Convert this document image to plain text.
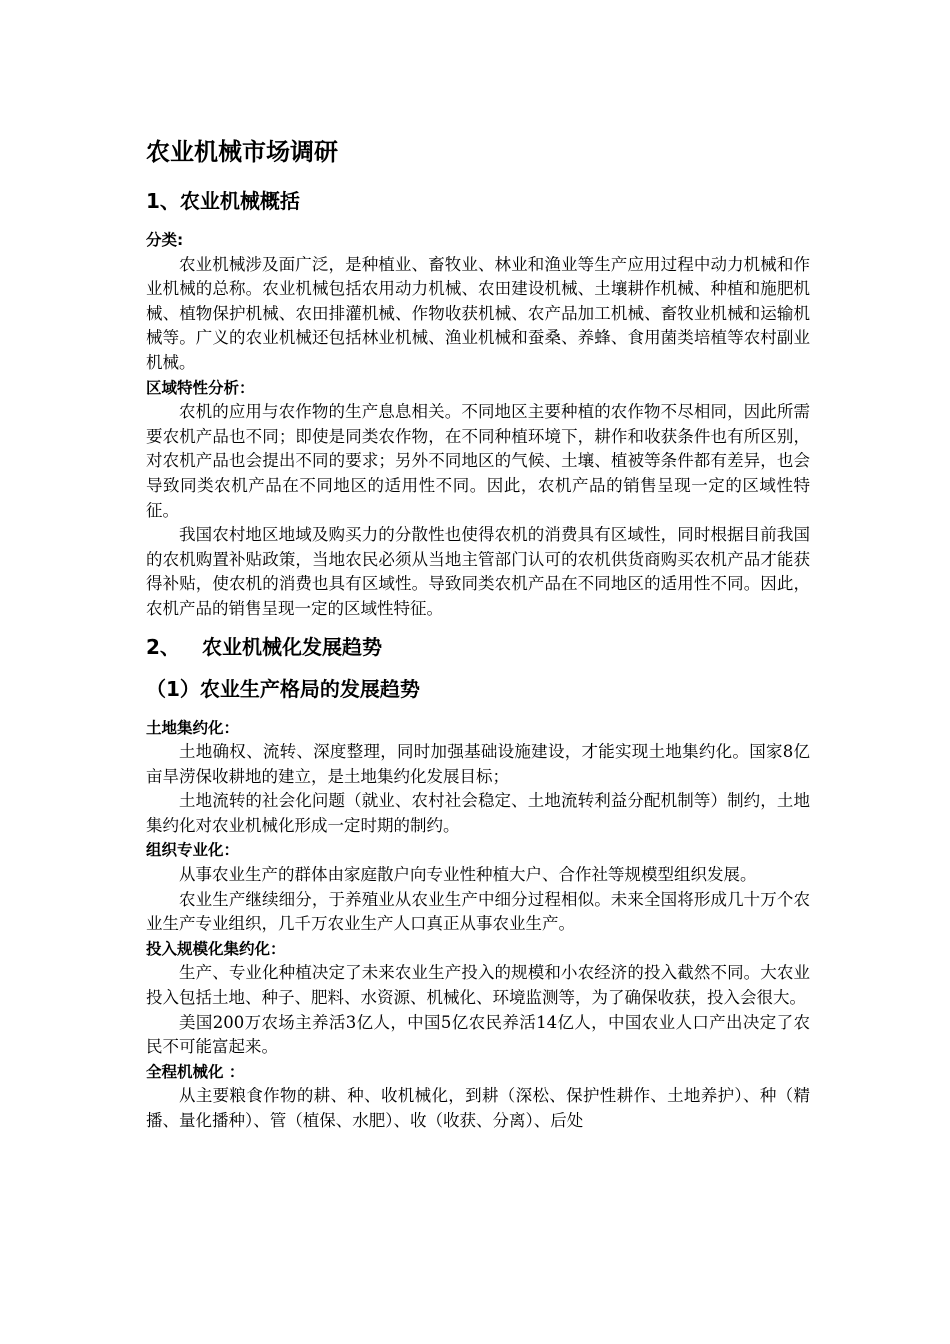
农业机械市场调研
1、农业机械概括
分类:

农业机械涉及面广泛，是种植业、畜牧业、林业和渔业等生产应用过程中动力机械和作业机械的总称。农业机械包括农用动力机械、农田建设机械、土壤耕作机械、种植和施肥机械、植物保护机械、农田排灌机械、作物收获机械、农产品加工机械、畜牧业机械和运输机械等。广义的农业机械还包括林业机械、渔业机械和蚕桑、养蜂、食用菌类培植等农村副业机械。

区域特性分析：

农机的应用与农作物的生产息息相关。不同地区主要种植的农作物不尽相同，因此所需要农机产品也不同；即使是同类农作物，在不同种植环境下，耕作和收获条件也有所区别，对农机产品也会提出不同的要求；另外不同地区的气候、土壤、植被等条件都有差异，也会导致同类农机产品在不同地区的适用性不同。因此，农机产品的销售呈现一定的区域性特征。

我国农村地区地域及购买力的分散性也使得农机的消费具有区域性，同时根据目前我国的农机购置补贴政策，当地农民必须从当地主管部门认可的农机供货商购买农机产品才能获得补贴，使农机的消费也具有区域性。导致同类农机产品在不同地区的适用性不同。因此，农机产品的销售呈现一定的区域性特征。

2、 农业机械化发展趋势
（1）农业生产格局的发展趋势
土地集约化：

土地确权、流转、深度整理，同时加强基础设施建设，才能实现土地集约化。国家8亿亩旱涝保收耕地的建立，是土地集约化发展目标；

土地流转的社会化问题（就业、农村社会稳定、土地流转利益分配机制等）制约，土地集约化对农业机械化形成一定时期的制约。

组织专业化：

从事农业生产的群体由家庭散户向专业性种植大户、合作社等规模型组织发展。

农业生产继续细分，于养殖业从农业生产中细分过程相似。未来全国将形成几十万个农业生产专业组织，几千万农业生产人口真正从事农业生产。

投入规模化集约化：

生产、专业化种植决定了未来农业生产投入的规模和小农经济的投入截然不同。大农业投入包括土地、种子、肥料、水资源、机械化、环境监测等，为了确保收获，投入会很大。

美国200万农场主养活3亿人，中国5亿农民养活14亿人，中国农业人口产出决定了农民不可能富起来。

全程机械化 ：

从主要粮食作物的耕、种、收机械化，到耕（深松、保护性耕作、土地养护）、种（精播、量化播种）、管（植保、水肥）、收（收获、分离）、后处
